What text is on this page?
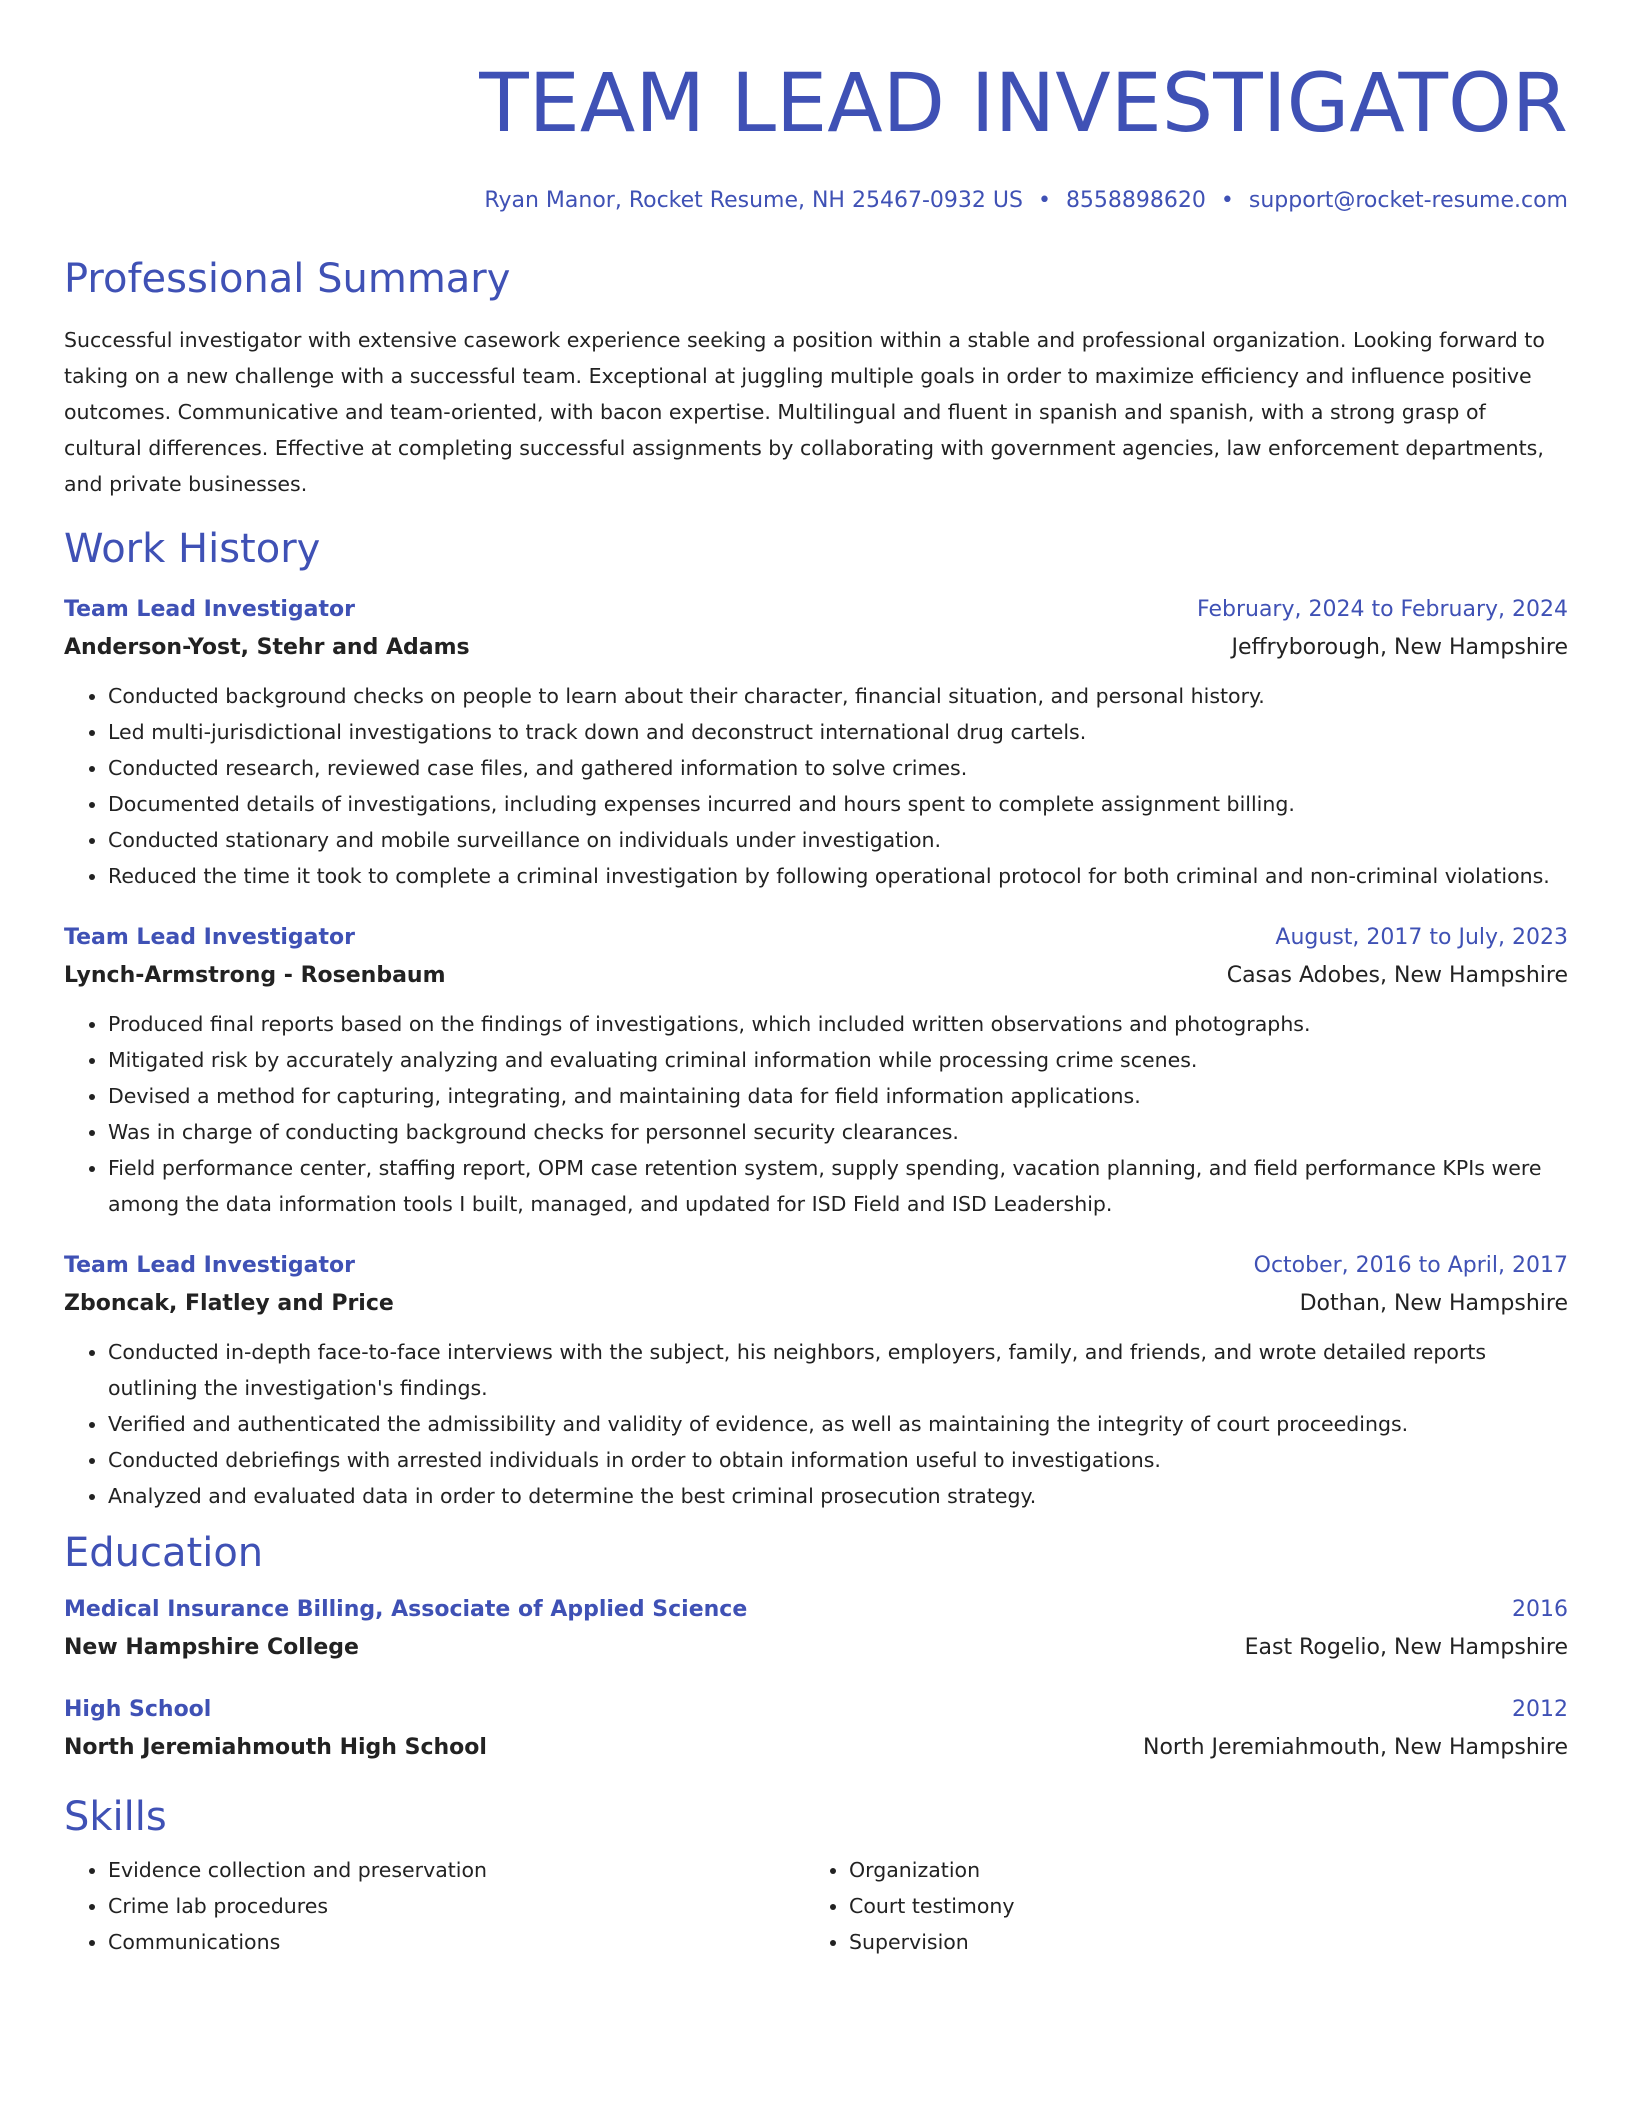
TEAM LEAD INVESTIGATOR
Ryan Manor, Rocket Resume, NH 25467-0932 US • 8558898620 • support@rocket-resume.com
Professional Summary

Successful investigator with extensive casework experience seeking a position within a stable and professional organization. Looking forward to taking on a new challenge with a successful team. Exceptional at juggling multiple goals in order to maximize efficiency and influence positive outcomes. Communicative and team-oriented, with bacon expertise. Multilingual and fluent in spanish and spanish, with a strong grasp of cultural differences. Effective at completing successful assignments by collaborating with government agencies, law enforcement departments, and private businesses.

Work History
Team Lead Investigator	February, 2024 to February, 2024
Anderson-Yost, Stehr and Adams	Jeffryborough, New Hampshire
• Conducted background checks on people to learn about their character, financial situation, and personal history.
• Led multi-jurisdictional investigations to track down and deconstruct international drug cartels.
• Conducted research, reviewed case files, and gathered information to solve crimes.
• Documented details of investigations, including expenses incurred and hours spent to complete assignment billing.
• Conducted stationary and mobile surveillance on individuals under investigation.
• Reduced the time it took to complete a criminal investigation by following operational protocol for both criminal and non-criminal violations.
Team Lead Investigator	August, 2017 to July, 2023
Lynch-Armstrong - Rosenbaum	Casas Adobes, New Hampshire
• Produced final reports based on the findings of investigations, which included written observations and photographs.
• Mitigated risk by accurately analyzing and evaluating criminal information while processing crime scenes.
• Devised a method for capturing, integrating, and maintaining data for field information applications.
• Was in charge of conducting background checks for personnel security clearances.
• Field performance center, staffing report, OPM case retention system, supply spending, vacation planning, and field performance KPIs were among the data information tools I built, managed, and updated for ISD Field and ISD Leadership.
Team Lead Investigator	October, 2016 to April, 2017
Zboncak, Flatley and Price	Dothan, New Hampshire
• Conducted in-depth face-to-face interviews with the subject, his neighbors, employers, family, and friends, and wrote detailed reports outlining the investigation's findings.
• Verified and authenticated the admissibility and validity of evidence, as well as maintaining the integrity of court proceedings.
• Conducted debriefings with arrested individuals in order to obtain information useful to investigations.
• Analyzed and evaluated data in order to determine the best criminal prosecution strategy.
Education
Medical Insurance Billing, Associate of Applied Science	2016
New Hampshire College	East Rogelio, New Hampshire
High School	2012
North Jeremiahmouth High School	North Jeremiahmouth, New Hampshire
Skills
• Evidence collection and preservation
• Crime lab procedures
• Communications
• Organization
• Court testimony
• Supervision
